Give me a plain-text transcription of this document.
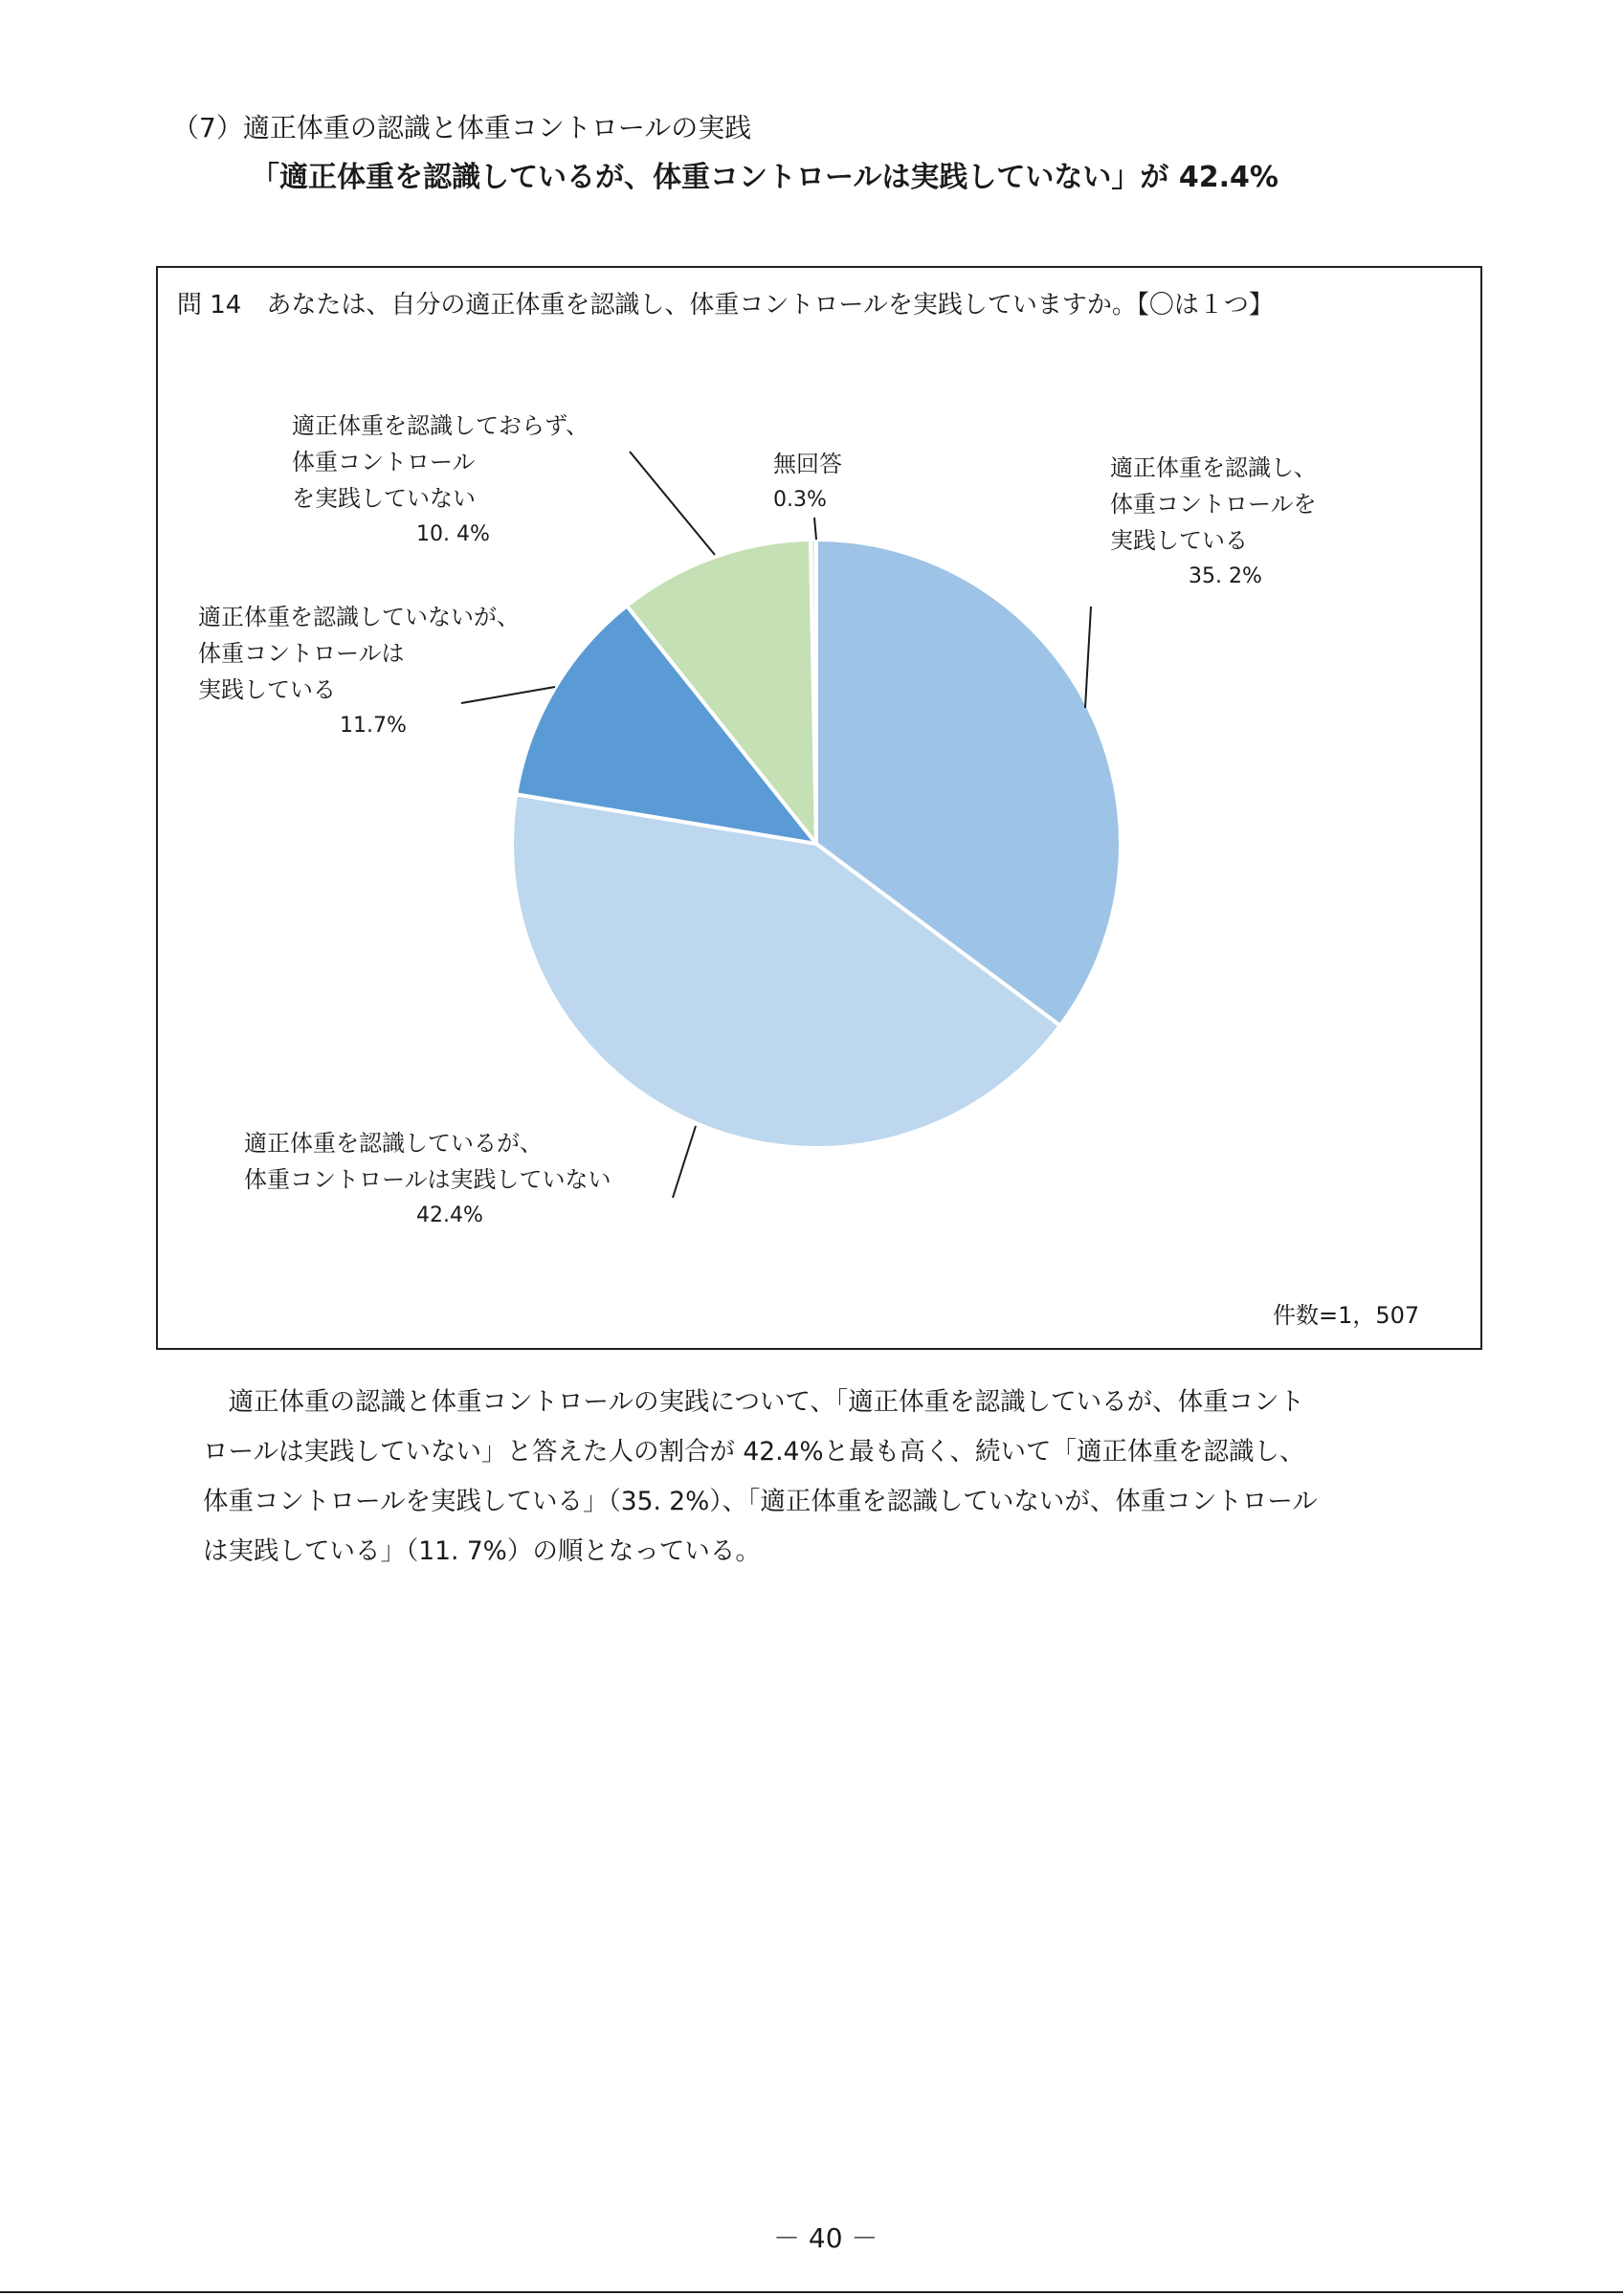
（7）適正体重の認識と体重コントロールの実践
「適正体重を認識しているが、体重コントロールは実践していない」が 42.4%
問 14　あなたは、自分の適正体重を認識し、体重コントロールを実践していますか。【〇は１つ】
適正体重を認識し、
体重コントロールを
実践している
35. 2%
適正体重を認識しているが、
体重コントロールは実践していない
42.4%
適正体重を認識していないが、
体重コントロールは
実践している
11.7%
適正体重を認識しておらず、
体重コントロール
を実践していない
10. 4%
無回答
0.3%
件数=1，507

　適正体重の認識と体重コントロールの実践について、「適正体重を認識しているが、体重コント

ロールは実践していない」と答えた人の割合が 42.4%と最も高く、続いて「適正体重を認識し、

体重コントロールを実践している」（35. 2%）、「適正体重を認識していないが、体重コントロール

は実践している」（11. 7%）の順となっている。

－ 40 －
